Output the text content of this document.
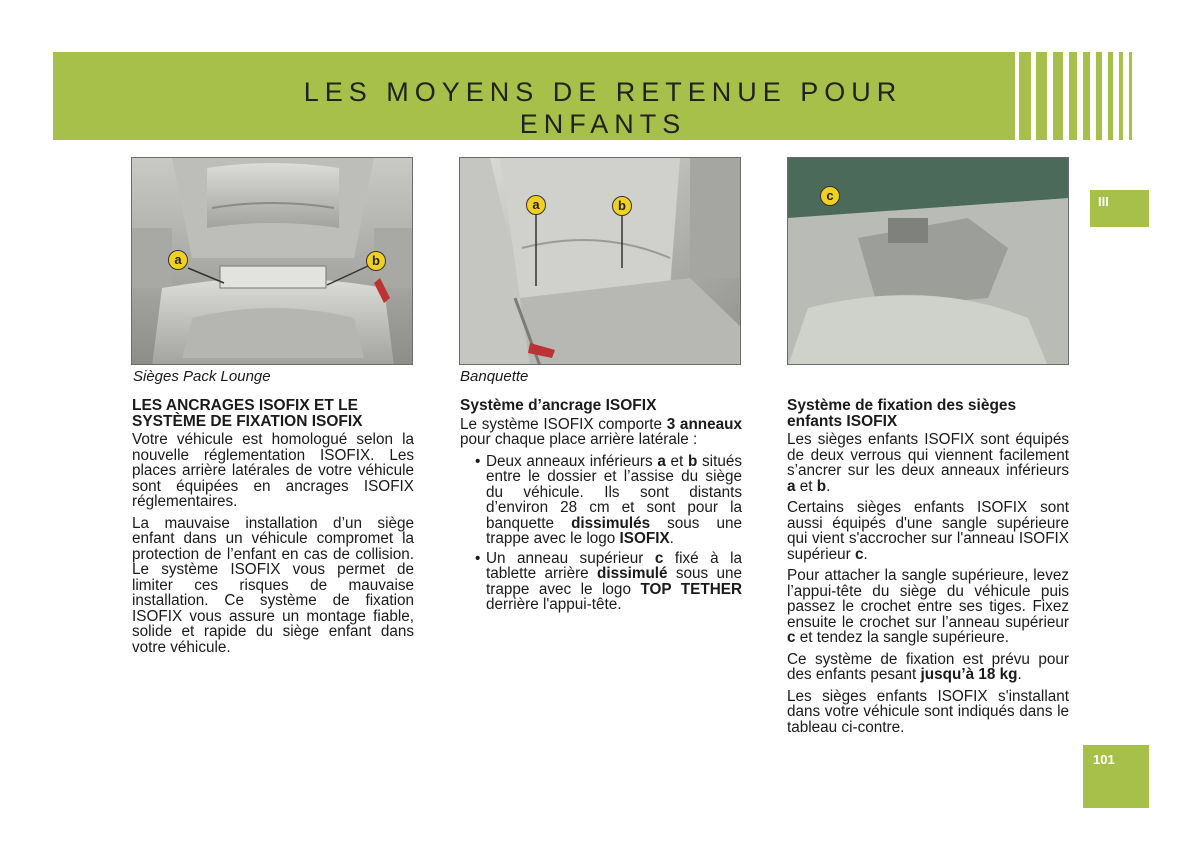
LES MOYENS DE RETENUE POUR
ENFANTS
III
101
a	b
Sièges Pack Lounge
a	b
Banquette
c
LES ANCRAGES ISOFIX ET LE SYSTÈME DE FIXATION ISOFIX

Votre véhicule est homologué selon la nouvelle réglementation ISOFIX. Les places arrière latérales de votre véhicule sont équipées en ancrages ISOFIX réglementaires.

La mauvaise installation d’un siège enfant dans un véhicule compromet la protection de l’enfant en cas de collision. Le système ISOFIX vous permet de limiter ces risques de mauvaise installation. Ce système de fixation ISOFIX vous assure un montage fiable, solide et rapide du siège enfant dans votre véhicule.

Système d’ancrage ISOFIX

Le système ISOFIX comporte 3 anneaux pour chaque place arrière latérale :

• Deux anneaux inférieurs a et b situés entre le dossier et l’assise du siège du véhicule. Ils sont distants d’environ 28 cm et sont pour la banquette dissimulés sous une trappe avec le logo ISOFIX.
• Un anneau supérieur c fixé à la tablette arrière dissimulé sous une trappe avec le logo TOP TETHER derrière l'appui-tête.
Système de fixation des sièges enfants ISOFIX

Les sièges enfants ISOFIX sont équipés de deux verrous qui viennent facilement s’ancrer sur les deux anneaux inférieurs a et b.

Certains sièges enfants ISOFIX sont aussi équipés d'une sangle supérieure qui vient s'accrocher sur l'anneau ISOFIX supérieur c.

Pour attacher la sangle supérieure, levez l’appui-tête du siège du véhicule puis passez le crochet entre ses tiges. Fixez ensuite le crochet sur l’anneau supérieur c et tendez la sangle supérieure.

Ce système de fixation est prévu pour des enfants pesant jusqu’à 18 kg.

Les sièges enfants ISOFIX s'installant dans votre véhicule sont indiqués dans le tableau ci-contre.
